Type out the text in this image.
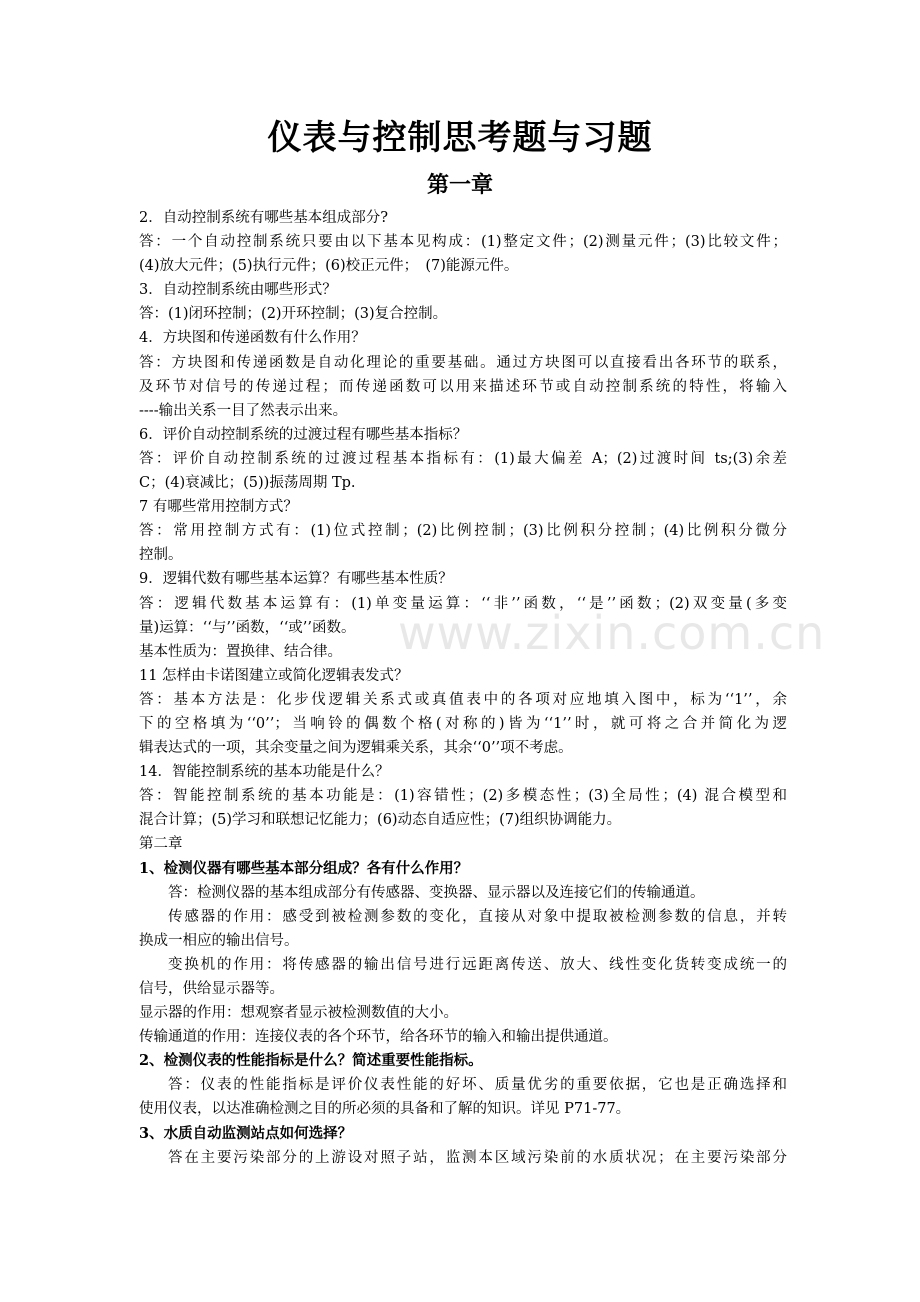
仪表与控制思考题与习题
第一章
2．自动控制系统有哪些基本组成部分?
答：一个自动控制系统只要由以下基本见构成：(1)整定文件；(2)测量元件；(3)比较文件；
(4)放大元件；(5)执行元件；(6)校正元件；　(7)能源元件。
3．自动控制系统由哪些形式？
答：(1)闭环控制；(2)开环控制；(3)复合控制。
4．方块图和传递函数有什么作用？
答：方块图和传递函数是自动化理论的重要基础。通过方块图可以直接看出各环节的联系，
及环节对信号的传递过程；而传递函数可以用来描述环节或自动控制系统的特性，将输入
----输出关系一目了然表示出来。
6．评价自动控制系统的过渡过程有哪些基本指标？
答：评价自动控制系统的过渡过程基本指标有：(1)最大偏差 A；(2)过渡时间 ts;(3)余差
C；(4)衰减比；(5))振荡周期 Tp.
7 有哪些常用控制方式？
答：常用控制方式有：(1)位式控制；(2)比例控制；(3)比例积分控制；(4)比例积分微分
控制。
9．逻辑代数有哪些基本运算？有哪些基本性质？
答：逻辑代数基本运算有：(1)单变量运算：‘‘非’’函数，‘‘是’’函数；(2)双变量(多变
量)运算：‘‘与’’函数，‘‘或’’函数。
基本性质为：置换律、结合律。
11 怎样由卡诺图建立或简化逻辑表发式？
答：基本方法是：化步伐逻辑关系式或真值表中的各项对应地填入图中，标为‘‘1’’，余
下的空格填为‘‘0’’；当响铃的偶数个格(对称的)皆为‘‘1’’时，就可将之合并简化为逻
辑表达式的一项，其余变量之间为逻辑乘关系，其余‘‘0’’项不考虑。
14．智能控制系统的基本功能是什么？
答：智能控制系统的基本功能是：(1)容错性；(2)多模态性；(3)全局性；(4) 混合模型和
混合计算；(5)学习和联想记忆能力；(6)动态自适应性；(7)组织协调能力。
第二章
1、检测仪器有哪些基本部分组成？各有什么作用？
答：检测仪器的基本组成部分有传感器、变换器、显示器以及连接它们的传输通道。
传感器的作用：感受到被检测参数的变化，直接从对象中提取被检测参数的信息，并转
换成一相应的输出信号。
变换机的作用：将传感器的输出信号进行远距离传送、放大、线性变化货转变成统一的
信号，供给显示器等。
显示器的作用：想观察者显示被检测数值的大小。
传输通道的作用：连接仪表的各个环节，给各环节的输入和输出提供通道。
2、检测仪表的性能指标是什么？简述重要性能指标。
答：仪表的性能指标是评价仪表性能的好坏、质量优劣的重要依据，它也是正确选择和
使用仪表，以达准确检测之目的所必须的具备和了解的知识。详见 P71-77。
3、水质自动监测站点如何选择？
答在主要污染部分的上游设对照子站，监测本区域污染前的水质状况；在主要污染部分
www.zixin.com.cn
